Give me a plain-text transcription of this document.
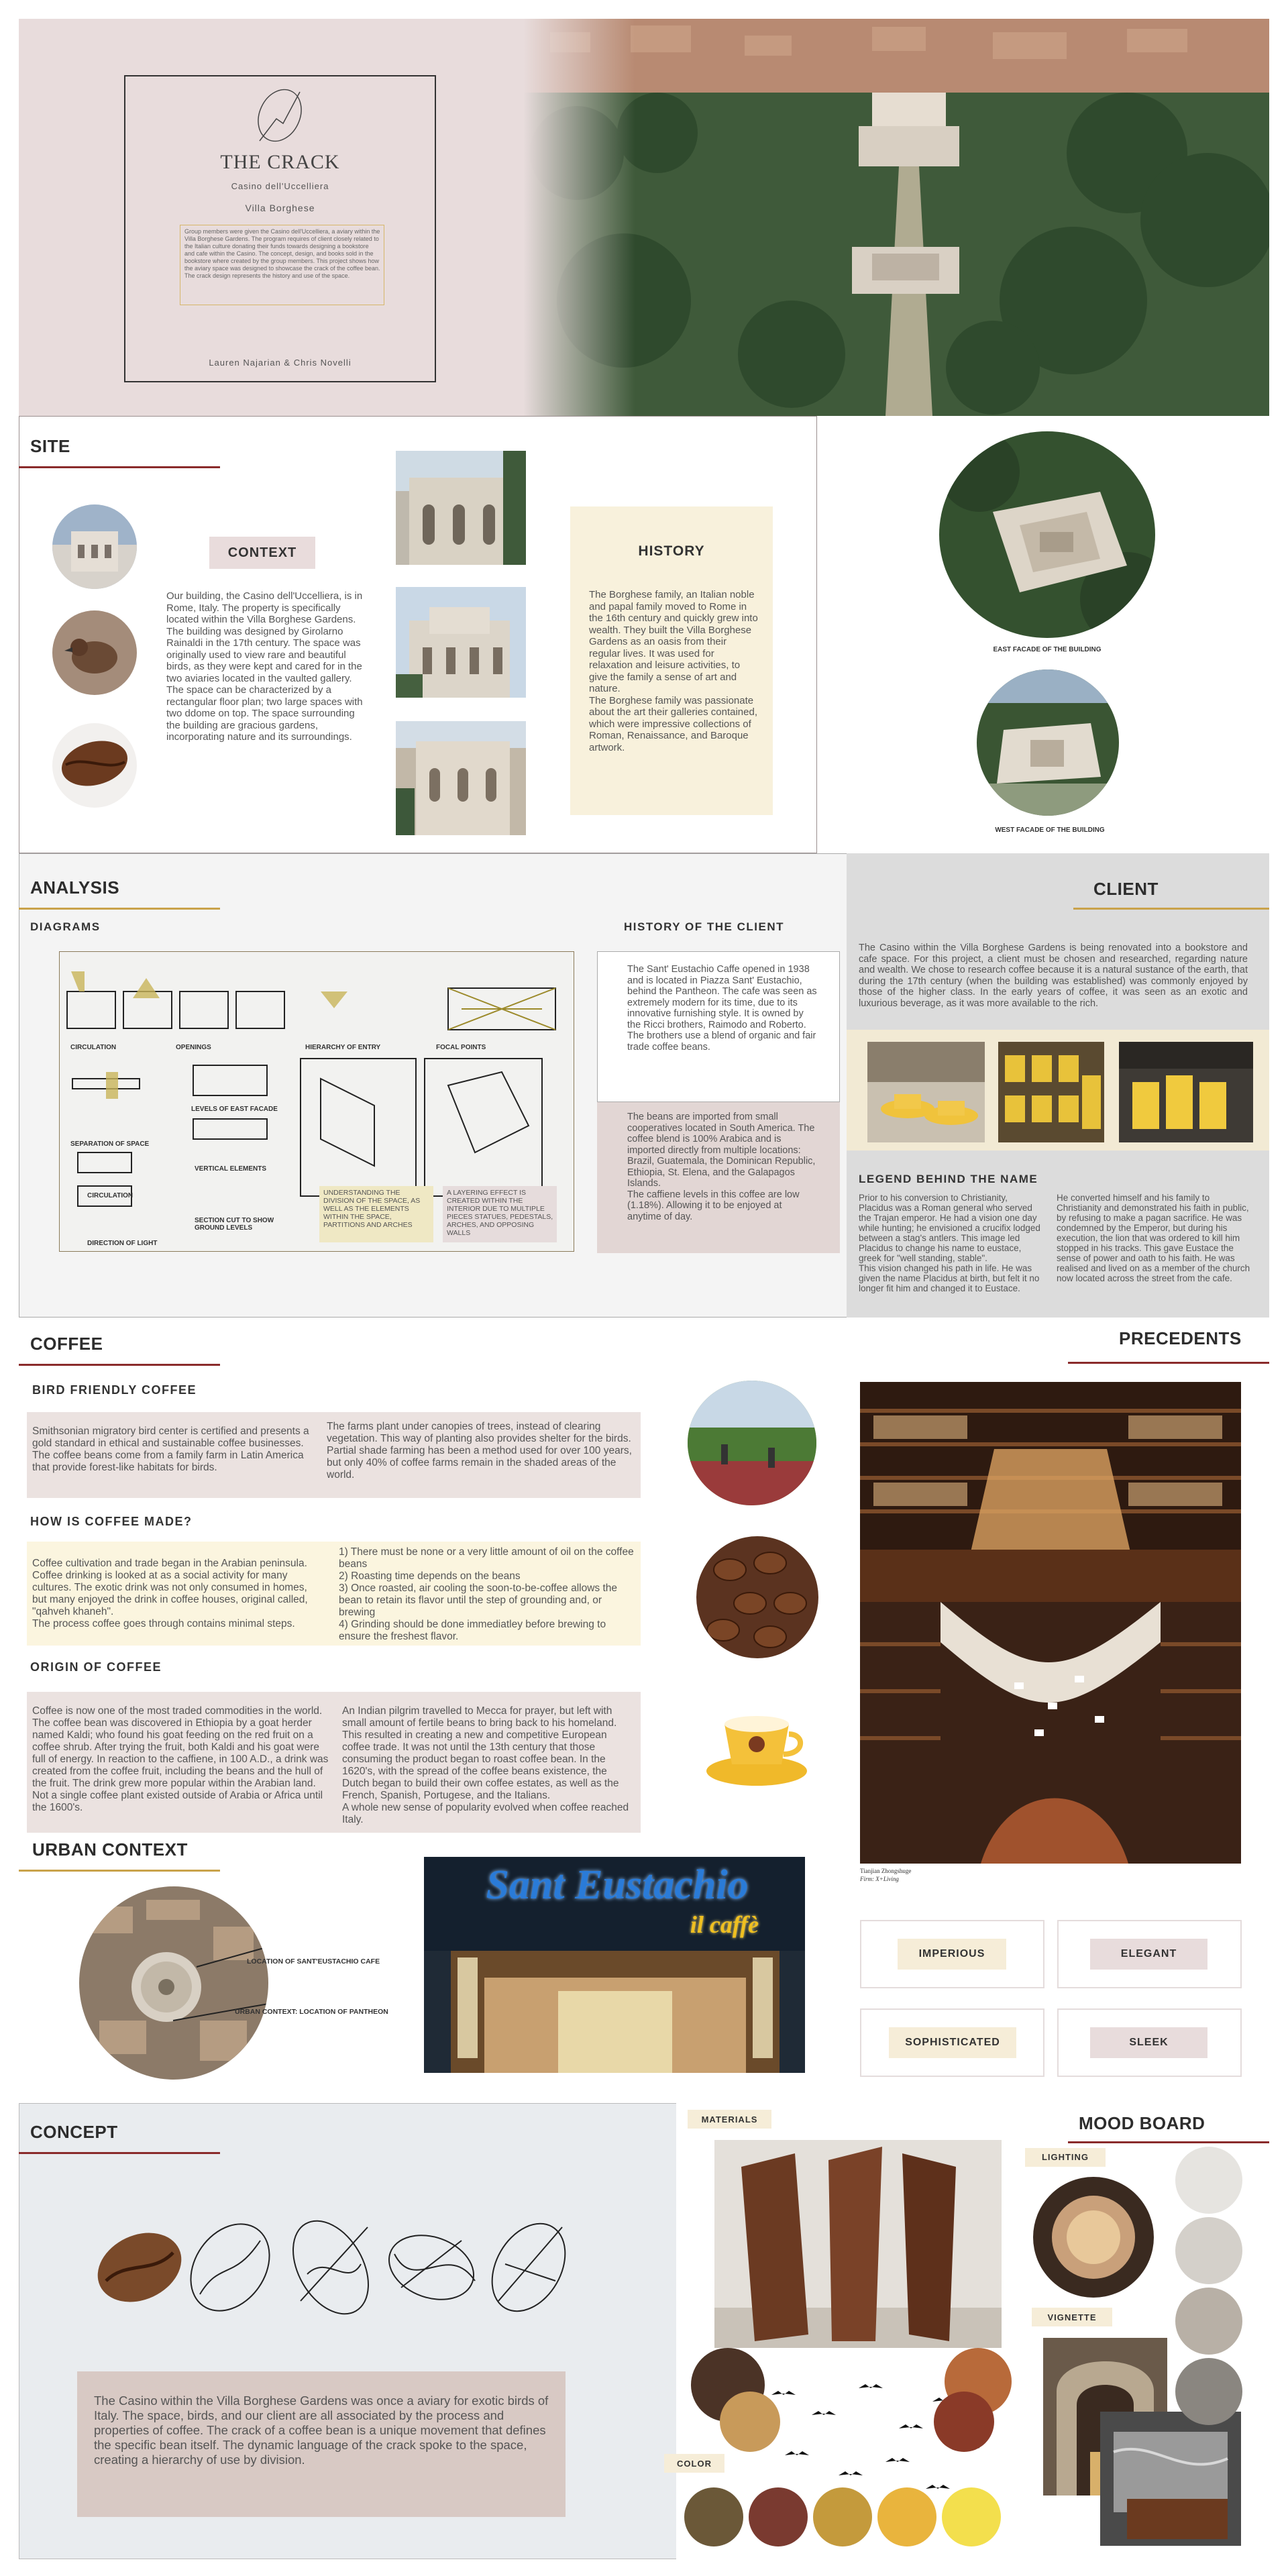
THE CRACK
Casino dell'Uccelliera
Villa Borghese
Group members were given the Casino dell'Uccelliera, a aviary within the Villa Borghese Gardens. The program requires of client closely related to the Italian culture donating their funds towards designing a bookstore and cafe within the Casino. The concept, design, and books sold in the bookstore where created by the group members. This project shows how the aviary space was designed to showcase the crack of the coffee bean. The crack design represents the history and use of the space.
Lauren Najarian & Chris Novelli
SITE
CONTEXT
Our building, the Casino dell'Uccelliera, is in Rome, Italy. The property is specifically located within the Villa Borghese Gardens. The building was designed by Girolarno Rainaldi in the 17th century. The space was originally used to view rare and beautiful birds, as they were kept and cared for in the two aviaries located in the vaulted gallery.
The space can be characterized by a rectangular floor plan; two large spaces with two ddome on top. The space surrounding the building are gracious gardens, incorporating nature and its surroundings.
HISTORY
The Borghese family, an Italian noble and papal family moved to Rome in the 16th century and quickly grew into wealth. They built the Villa Borghese Gardens as an oasis from their regular lives. It was used for relaxation and leisure activities, to give the family a sense of art and nature.
The Borghese family was passionate about the art their galleries contained, which were impressive collections of Roman, Renaissance, and Baroque artwork.
EAST FACADE OF THE BUILDING
WEST FACADE OF THE BUILDING
ANALYSIS
DIAGRAMS
CIRCULATION	OPENINGS	HIERARCHY OF ENTRY	FOCAL POINTS
SEPARATION OF SPACE
LEVELS OF EAST FACADE
CIRCULATION
VERTICAL ELEMENTS
SECTION CUT TO SHOW GROUND LEVELS
DIRECTION OF LIGHT
UNDERSTANDING THE DIVISION OF THE SPACE, AS WELL AS THE ELEMENTS WITHIN THE SPACE, PARTITIONS AND ARCHES
A LAYERING EFFECT IS CREATED WITHIN THE INTERIOR DUE TO MULTIPLE PIECES STATUES, PEDESTALS, ARCHES, AND OPPOSING WALLS
HISTORY OF THE CLIENT
The Sant' Eustachio Caffe opened in 1938 and is located in Piazza Sant' Eustachio, behind the Pantheon. The cafe was seen as extremely modern for its time, due to its innovative furnishing style. It is owned by the Ricci brothers, Raimodo and Roberto.
The brothers use a blend of organic and fair trade coffee beans.
The beans are imported from small cooperatives located in South America. The coffee blend is 100% Arabica and is imported directly from multiple locations: Brazil, Guatemala, the Dominican Republic, Ethiopia, St. Elena, and the Galapagos Islands.
The caffiene levels in this coffee are low (1.18%). Allowing it to be enjoyed at anytime of day.
CLIENT
The Casino within the Villa Borghese Gardens is being renovated into a bookstore and cafe space. For this project, a client must be chosen and researched, regarding nature and wealth. We chose to research coffee because it is a natural sustance of the earth, that during the 17th century (when the building was established) was commonly enjoyed by those of the higher class. In the early years of coffee, it was seen as an exotic and luxurious beverage, as it was more available to the rich.
LEGEND BEHIND THE NAME
Prior to his conversion to Christianity, Placidus was a Roman general who served the Trajan emperor. He had a vision one day while hunting; he envisioned a crucifix lodged between a stag's antlers. This image led Placidus to change his name to eustace, greek for "well standing, stable".
This vision changed his path in life. He was given the name Placidus at birth, but felt it no longer fit him and changed it to Eustace.
He converted himself and his family to Christianity and demonstrated his faith in public, by refusing to make a pagan sacrifice. He was condemned by the Emperor, but during his execution, the lion that was ordered to kill him stopped in his tracks. This gave Eustace the sense of power and oath to his faith. He was realised and lived on as a member of the church now located across the street from the cafe.
COFFEE
BIRD FRIENDLY COFFEE
Smithsonian migratory bird center is certified and presents a gold standard in ethical and sustainable coffee businesses. The coffee beans come from a family farm in Latin America that provide forest-like habitats for birds.
The farms plant under canopies of trees, instead of clearing vegetation. This way of planting also provides shelter for the birds. Partial shade farming has been a method used for over 100 years, but only 40% of coffee farms remain in the shaded areas of the world.
HOW IS COFFEE MADE?
Coffee cultivation and trade began in the Arabian peninsula. Coffee drinking is looked at as a social activity for many cultures. The exotic drink was not only consumed in homes, but many enjoyed the drink in coffee houses, original called, "qahveh khaneh".
The process coffee goes through contains minimal steps.
1) There must be none or a very little amount of oil on the coffee beans
2) Roasting time depends on the beans
3) Once roasted, air cooling the soon-to-be-coffee allows the bean to retain its flavor until the step of grounding and, or brewing
4) Grinding should be done immediatley before brewing to ensure the freshest flavor.
ORIGIN OF COFFEE
Coffee is now one of the most traded commodities in the world. The coffee bean was discovered in Ethiopia by a goat herder named Kaldi; who found his goat feeding on the red fruit on a coffee shrub. After trying the fruit, both Kaldi and his goat were full of energy. In reaction to the caffiene, in 100 A.D., a drink was created from the coffee fruit, including the beans and the hull of the fruit. The drink grew more popular within the Arabian land. Not a single coffee plant existed outside of Arabia or Africa until the 1600's.
An Indian pilgrim travelled to Mecca for prayer, but left with small amount of fertile beans to bring back to his homeland. This resulted in creating a new and competitive European coffee trade. It was not until the 13th century that those consuming the product began to roast coffee bean. In the 1620's, with the spread of the coffee beans existence, the Dutch began to build their own coffee estates, as well as the French, Spanish, Portugese, and the Italians.
A whole new sense of popularity evolved when coffee reached Italy.
PRECEDENTS
Tianjian Zhongshuge
Firm: X+Living
IMPERIOUS	ELEGANT
SOPHISTICATED	SLEEK
URBAN CONTEXT
LOCATION OF SANT'EUSTACHIO CAFE
URBAN CONTEXT: LOCATION OF PANTHEON
Sant Eustachio
il caffè
CONCEPT
The Casino within the Villa Borghese Gardens was once a aviary for exotic birds of Italy. The space, birds, and our client are all associated by the process and properties of coffee. The crack of a coffee bean is a unique movement that defines the specific bean itself. The dynamic language of the crack spoke to the space, creating a hierarchy of use by division.
MOOD BOARD
MATERIALS
LIGHTING
VIGNETTE
COLOR
